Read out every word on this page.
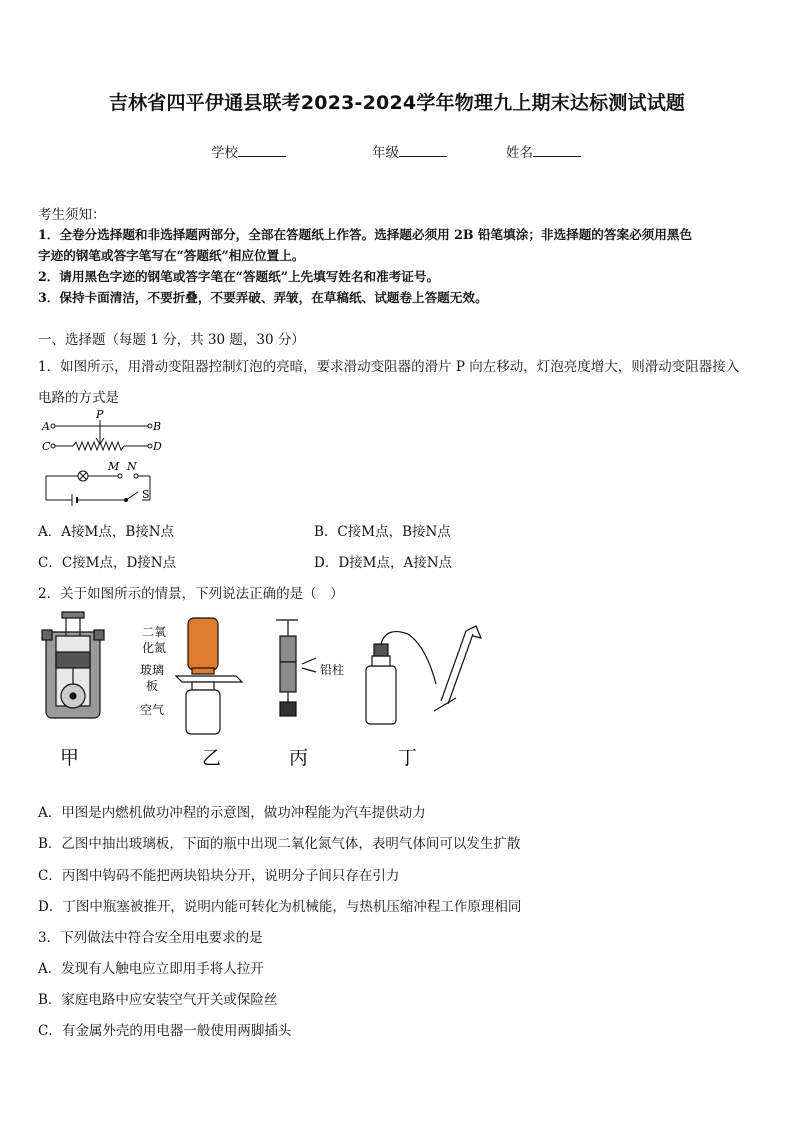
吉林省四平伊通县联考2023-2024学年物理九上期末达标测试试题
学校	年级	姓名
考生须知：
1．全卷分选择题和非选择题两部分，全部在答题纸上作答。选择题必须用 2B 铅笔填涂；非选择题的答案必须用黑色
字迹的钢笔或答字笔写在“答题纸”相应位置上。
2．请用黑色字迹的钢笔或答字笔在“答题纸”上先填写姓名和准考证号。
3．保持卡面清洁，不要折叠，不要弄破、弄皱，在草稿纸、试题卷上答题无效。
一、选择题（每题 1 分，共 30 题，30 分）
1．如图所示，用滑动变阻器控制灯泡的亮暗，要求滑动变阻器的滑片 P 向左移动，灯泡亮度增大，则滑动变阻器接入
电路的方式是
A	B
C	D
P
M N
S
A．A接M点，B接N点	B．C接M点，B接N点
C．C接M点，D接N点	D．D接M点，A接N点
2．关于如图所示的情景，下列说法正确的是（　）
二氧
化氮
玻璃
板
空气
铅柱
甲	乙	丙	丁
A．甲图是内燃机做功冲程的示意图，做功冲程能为汽车提供动力
B．乙图中抽出玻璃板，下面的瓶中出现二氧化氮气体，表明气体间可以发生扩散
C．丙图中钩码不能把两块铅块分开，说明分子间只存在引力
D．丁图中瓶塞被推开，说明内能可转化为机械能，与热机压缩冲程工作原理相同
3．下列做法中符合安全用电要求的是
A．发现有人触电应立即用手将人拉开
B．家庭电路中应安装空气开关或保险丝
C．有金属外壳的用电器一般使用两脚插头
